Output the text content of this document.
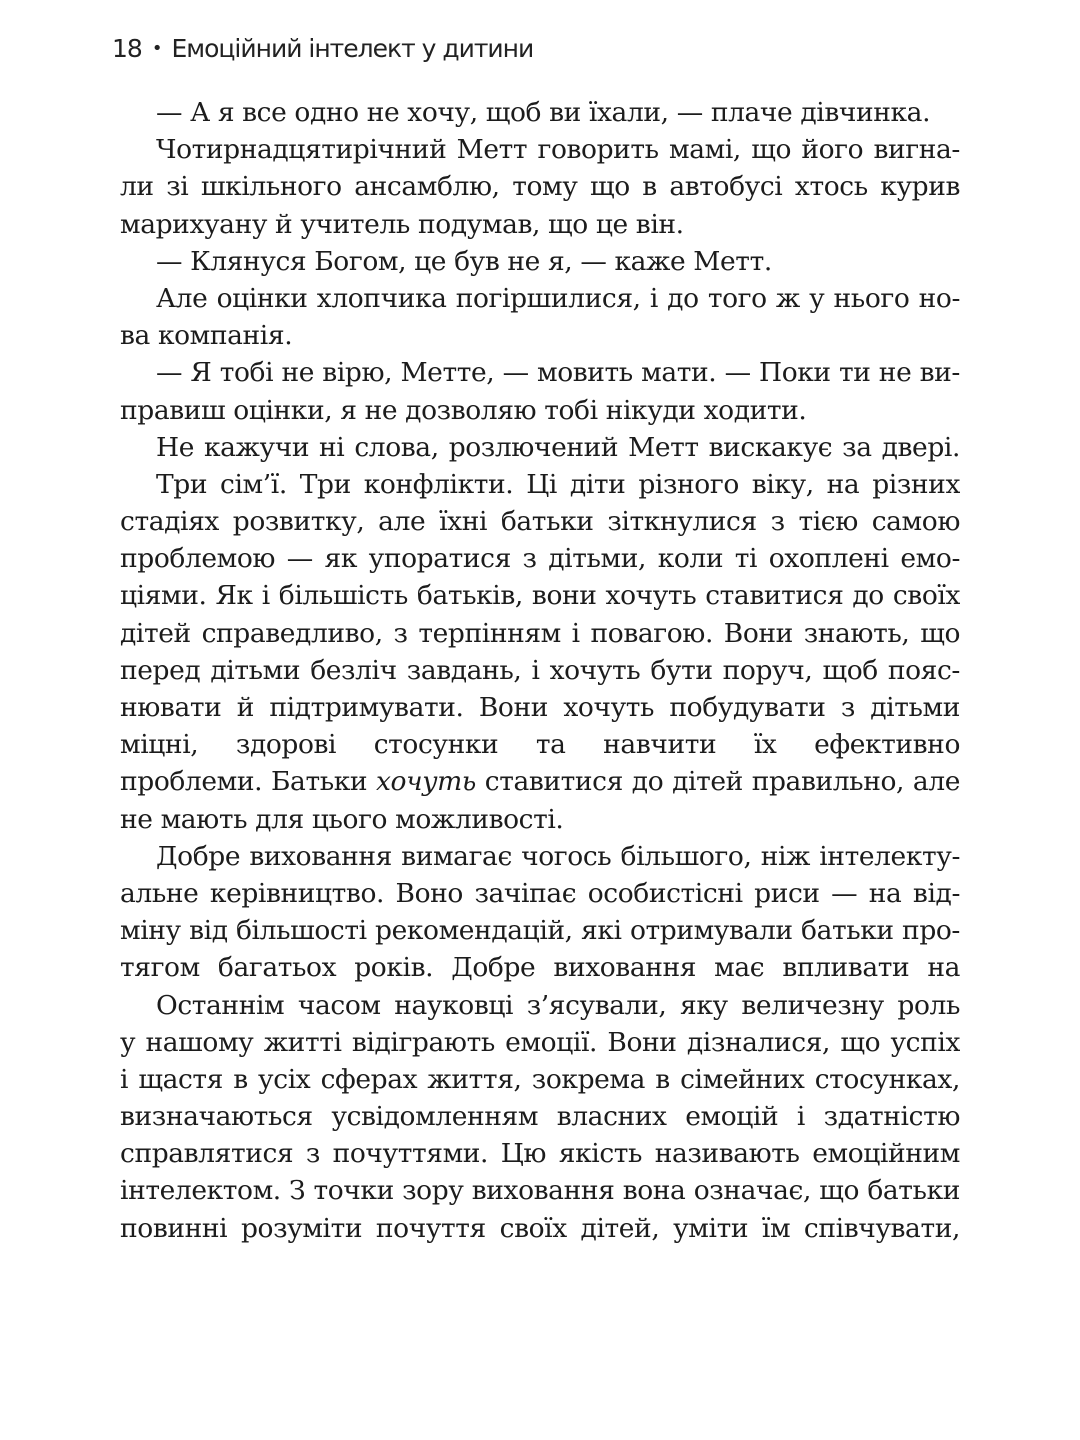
18 • Емоційний інтелект у дитини
— А я все одно не хочу, щоб ви їхали, — плаче дівчинка.
Чотирнадцятирічний Метт говорить мамі, що його вигна-
ли зі шкільного ансамблю, тому що в автобусі хтось курив
марихуану й учитель подумав, що це він.
— Клянуся Богом, це був не я, — каже Метт.
Але оцінки хлопчика погіршилися, і до того ж у нього но-
ва компанія.
— Я тобі не вірю, Метте, — мовить мати. — Поки ти не ви-
правиш оцінки, я не дозволяю тобі нікуди ходити.
Не кажучи ні слова, розлючений Метт вискакує за двері.
Три сім’ї. Три конфлікти. Ці діти різного віку, на різних
стадіях розвитку, але їхні батьки зіткнулися з тією самою
проблемою — як упоратися з дітьми, коли ті охоплені емо-
ціями. Як і більшість батьків, вони хочуть ставитися до своїх
дітей справедливо, з терпінням і повагою. Вони знають, що
перед дітьми безліч завдань, і хочуть бути поруч, щоб пояс-
нювати й підтримувати. Вони хочуть побудувати з дітьми
міцні, здорові стосунки та навчити їх ефективно
проблеми. Батьки хочуть ставитися до дітей правильно, але
не мають для цього можливості.
Добре виховання вимагає чогось більшого, ніж інтелекту-
альне керівництво. Воно зачіпає особистісні риси — на від-
міну від більшості рекомендацій, які отримували батьки про-
тягом багатьох років. Добре виховання має впливати на
Останнім часом науковці з’ясували, яку величезну роль
у нашому житті відіграють емоції. Вони дізналися, що успіх
і щастя в усіх сферах життя, зокрема в сімейних стосунках,
визначаються усвідомленням власних емоцій і здатністю
справлятися з почуттями. Цю якість називають емоційним
інтелектом. З точки зору виховання вона означає, що батьки
повинні розуміти почуття своїх дітей, уміти їм співчувати,
